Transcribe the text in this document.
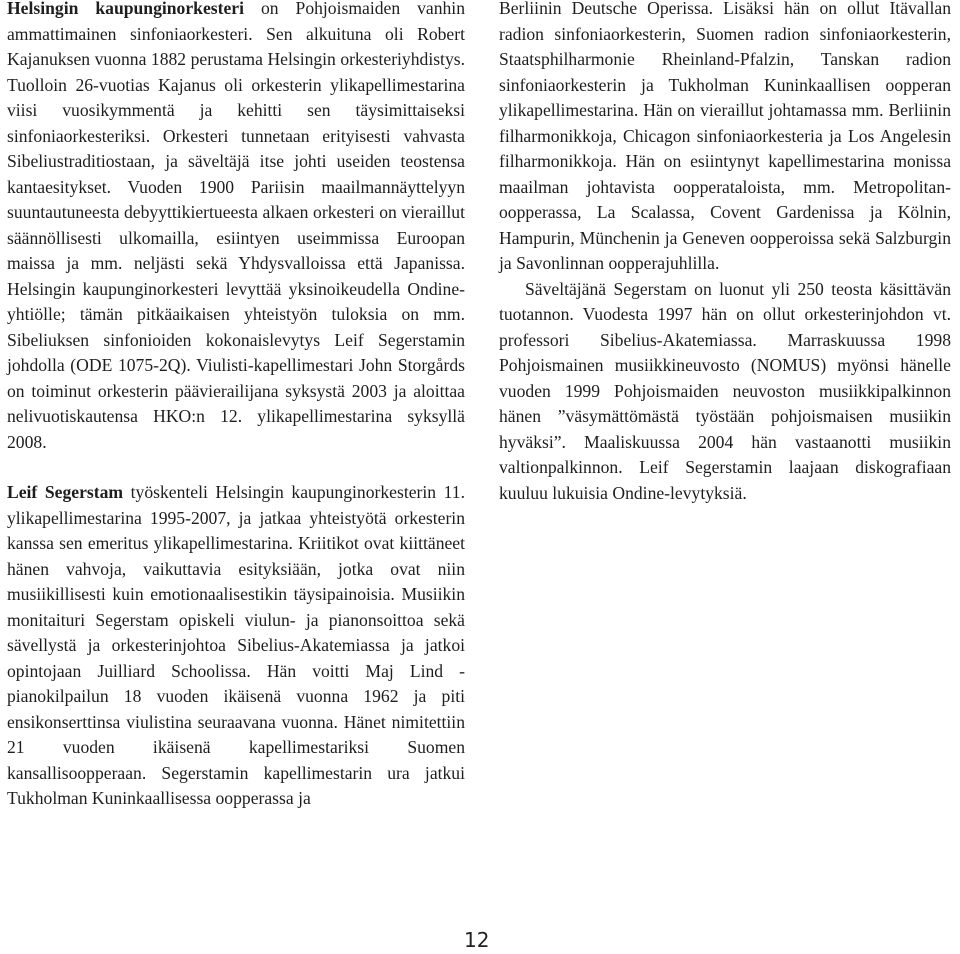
Helsingin kaupunginorkesteri on Pohjoismaiden vanhin ammattimainen sinfoniaorkesteri. Sen alkuituna oli Robert Kajanuksen vuonna 1882 perustama Helsingin orkesteriyhdistys. Tuolloin 26-vuotias Kajanus oli orkesterin ylikapellimestarina viisi vuosikymmentä ja kehitti sen täysimittaiseksi sinfoniaorkesteriksi. Orkesteri tunnetaan erityisesti vahvasta Sibeliustraditiostaan, ja säveltäjä itse johti useiden teostensa kantaesitykset. Vuoden 1900 Pariisin maailmannäyttelyyn suuntautuneesta debyyttikiertueesta alkaen orkesteri on vieraillut säännöllisesti ulkomailla, esiintyen useimmissa Euroopan maissa ja mm. neljästi sekä Yhdysvalloissa että Japanissa. Helsingin kaupunginorkesteri levyttää yksinoikeudella Ondine-yhtiölle; tämän pitkäaikaisen yhteistyön tuloksia on mm. Sibeliuksen sinfonioiden kokonaislevytys Leif Segerstamin johdolla (ODE 1075-2Q). Viulisti-kapellimestari John Storgårds on toiminut orkesterin päävierailijana syksystä 2003 ja aloittaa nelivuotiskautensa HKO:n 12. ylikapellimestarina syksyllä 2008.

Leif Segerstam työskenteli Helsingin kaupunginorkesterin 11. ylikapellimestarina 1995-2007, ja jatkaa yhteistyötä orkesterin kanssa sen emeritus ylikapellimestarina. Kriitikot ovat kiittäneet hänen vahvoja, vaikuttavia esityksiään, jotka ovat niin musiikillisesti kuin emotionaalisestikin täysipainoisia. Musiikin monitaituri Segerstam opiskeli viulun- ja pianonsoittoa sekä sävellystä ja orkesterinjohtoa Sibelius-Akatemiassa ja jatkoi opintojaan Juilliard Schoolissa. Hän voitti Maj Lind -pianokilpailun 18 vuoden ikäisenä vuonna 1962 ja piti ensikonserttinsa viulistina seuraavana vuonna. Hänet nimitettiin 21 vuoden ikäisenä kapellimestariksi Suomen kansallisoopperaan. Segerstamin kapellimestarin ura jatkui Tukholman Kuninkaallisessa oopperassa ja

Berliinin Deutsche Operissa. Lisäksi hän on ollut Itävallan radion sinfoniaorkesterin, Suomen radion sinfoniaorkesterin, Staatsphilharmonie Rheinland-Pfalzin, Tanskan radion sinfoniaorkesterin ja Tukholman Kuninkaallisen oopperan ylikapellimestarina. Hän on vieraillut johtamassa mm. Berliinin filharmonikkoja, Chicagon sinfoniaorkesteria ja Los Angelesin filharmonikkoja. Hän on esiintynyt kapellimestarina monissa maailman johtavista oopperataloista, mm. Metropolitan-oopperassa, La Scalassa, Covent Gardenissa ja Kölnin, Hampurin, Münchenin ja Geneven oopperoissa sekä Salzburgin ja Savonlinnan oopperajuhlilla.

Säveltäjänä Segerstam on luonut yli 250 teosta käsittävän tuotannon. Vuodesta 1997 hän on ollut orkesterinjohdon vt. professori Sibelius-Akatemiassa. Marraskuussa 1998 Pohjoismainen musiikkineuvosto (NOMUS) myönsi hänelle vuoden 1999 Pohjoismaiden neuvoston musiikkipalkinnon hänen ”väsymättömästä työstään pohjoismaisen musiikin hyväksi”. Maaliskuussa 2004 hän vastaanotti musiikin valtionpalkinnon. Leif Segerstamin laajaan diskografiaan kuuluu lukuisia Ondine-levytyksiä.

12
